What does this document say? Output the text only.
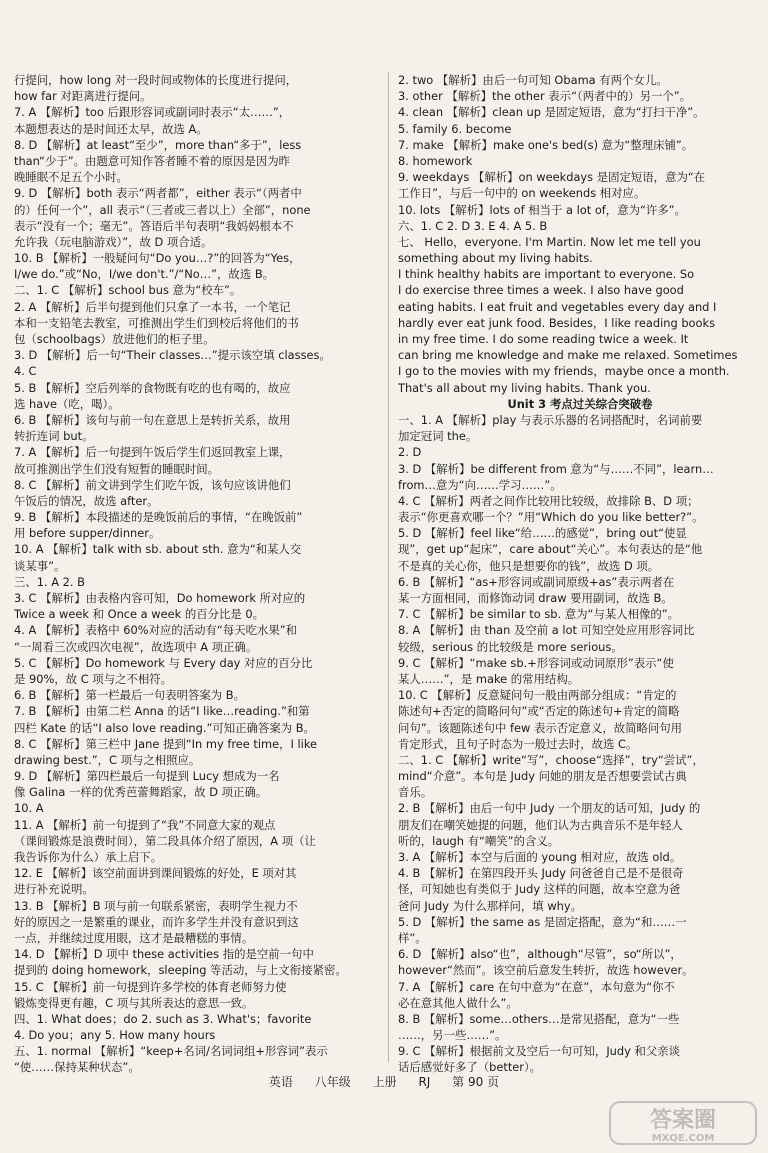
行提问，how long 对一段时间或物体的长度进行提问，
how far 对距离进行提问。
7. A 【解析】too 后跟形容词或副词时表示“太……”，
本题想表达的是时间还太早，故选 A。
8. D 【解析】at least“至少”，more than“多于”，less
than“少于”。由题意可知作答者睡不着的原因是因为昨
晚睡眠不足五个小时。
9. D 【解析】both 表示“两者都”，either 表示“（两者中
的）任何一个”，all 表示“（三者或三者以上）全部”，none
表示“没有一个；毫无”。答语后半句表明“我妈妈根本不
允许我（玩电脑游戏）”，故 D 项合适。
10. B 【解析】一般疑问句“Do you…?”的回答为“Yes，
I/we do.”或“No，I/we don't.”/“No…”，故选 B。
二、1. C 【解析】school bus 意为“校车”。
2. A 【解析】后半句提到他们只拿了一本书，一个笔记
本和一支铅笔去教室，可推测出学生们到校后将他们的书
包（schoolbags）放进他们的柜子里。
3. D 【解析】后一句“Their classes…”提示该空填 classes。
4. C
5. B 【解析】空后列举的食物既有吃的也有喝的，故应
选 have（吃，喝）。
6. B 【解析】该句与前一句在意思上是转折关系，故用
转折连词 but。
7. A 【解析】后一句提到午饭后学生们返回教室上课，
故可推测出学生们没有短暂的睡眠时间。
8. C 【解析】前文讲到学生们吃午饭，该句应该讲他们
午饭后的情况，故选 after。
9. B 【解析】本段描述的是晚饭前后的事情，“在晚饭前”
用 before supper/dinner。
10. A 【解析】talk with sb. about sth. 意为“和某人交
谈某事”。
三、1. A 2. B
3. C 【解析】由表格内容可知，Do homework 所对应的
Twice a week 和 Once a week 的百分比是 0。
4. A 【解析】表格中 60%对应的活动有“每天吃水果”和
“一周看三次或四次电视”，故选项中 A 项正确。
5. C 【解析】Do homework 与 Every day 对应的百分比
是 90%，故 C 项与之不相符。
6. B 【解析】第一栏最后一句表明答案为 B。
7. B 【解析】由第二栏 Anna 的话“I like…reading.”和第
四栏 Kate 的话“I also love reading.”可知正确答案为 B。
8. C 【解析】第三栏中 Jane 提到“In my free time，I like
drawing best.”，C 项与之相照应。
9. D 【解析】第四栏最后一句提到 Lucy 想成为一名
像 Galina 一样的优秀芭蕾舞蹈家，故 D 项正确。
10. A
11. A 【解析】前一句提到了“我”不同意大家的观点
（课间锻炼是浪费时间），第二段具体介绍了原因，A 项（让
我告诉你为什么）承上启下。
12. E 【解析】该空前面讲到课间锻炼的好处，E 项对其
进行补充说明。
13. B 【解析】B 项与前一句联系紧密，表明学生视力不
好的原因之一是繁重的课业，而许多学生并没有意识到这
一点，并继续过度用眼，这才是最糟糕的事情。
14. D 【解析】D 项中 these activities 指的是空前一句中
提到的 doing homework，sleeping 等活动，与上文衔接紧密。
15. C 【解析】前一句提到许多学校的体育老师努力使
锻炼变得更有趣，C 项与其所表达的意思一致。
四、1. What does；do 2. such as 3. What's；favorite
4. Do you；any 5. How many hours
五、1. normal 【解析】“keep+名词/名词词组+形容词”表示
“使……保持某种状态”。
2. two 【解析】由后一句可知 Obama 有两个女儿。
3. other 【解析】the other 表示“（两者中的）另一个”。
4. clean 【解析】clean up 是固定短语，意为“打扫干净”。
5. family 6. become
7. make 【解析】make one's bed(s) 意为“整理床铺”。
8. homework
9. weekdays 【解析】on weekdays 是固定短语，意为“在
工作日”，与后一句中的 on weekends 相对应。
10. lots 【解析】lots of 相当于 a lot of，意为“许多”。
六、1. C 2. D 3. E 4. A 5. B
七、 Hello，everyone. I'm Martin. Now let me tell you
something about my living habits.
I think healthy habits are important to everyone. So
I do exercise three times a week. I also have good
eating habits. I eat fruit and vegetables every day and I
hardly ever eat junk food. Besides，I like reading books
in my free time. I do some reading twice a week. It
can bring me knowledge and make me relaxed. Sometimes
I go to the movies with my friends，maybe once a month.
That's all about my living habits. Thank you.
Unit 3 考点过关综合突破卷
一、1. A 【解析】play 与表示乐器的名词搭配时，名词前要
加定冠词 the。
2. D
3. D 【解析】be different from 意为“与……不同”，learn…
from…意为“向……学习……”。
4. C 【解析】两者之间作比较用比较级，故排除 B、D 项；
表示“你更喜欢哪一个？”用“Which do you like better?”。
5. D 【解析】feel like“给……的感觉”，bring out“使显
现”，get up“起床”，care about“关心”。本句表达的是“他
不是真的关心你，他只是想要你的钱”，故选 D 项。
6. B 【解析】“as+形容词或副词原级+as”表示两者在
某一方面相同，而修饰动词 draw 要用副词，故选 B。
7. C 【解析】be similar to sb. 意为“与某人相像的”。
8. A 【解析】由 than 及空前 a lot 可知空处应用形容词比
较级，serious 的比较级是 more serious。
9. C 【解析】“make sb.+形容词或动词原形”表示“使
某人……”，是 make 的常用结构。
10. C 【解析】反意疑问句一般由两部分组成：“肯定的
陈述句+否定的简略问句”或“否定的陈述句+肯定的简略
问句”。该题陈述句中 few 表示否定意义，故简略问句用
肯定形式，且句子时态为一般过去时，故选 C。
二、1. C 【解析】write“写”，choose“选择”，try“尝试”，
mind“介意”。本句是 Judy 问她的朋友是否想要尝试古典
音乐。
2. B 【解析】由后一句中 Judy 一个朋友的话可知，Judy 的
朋友们在嘲笑她提的问题，他们认为古典音乐不是年轻人
听的，laugh 有“嘲笑”的含义。
3. A 【解析】本空与后面的 young 相对应，故选 old。
4. B 【解析】在第四段开头 Judy 问爸爸自己是不是很奇
怪，可知她也有类似于 Judy 这样的问题，故本空意为爸
爸问 Judy 为什么那样问，填 why。
5. D 【解析】the same as 是固定搭配，意为“和……一
样”。
6. D 【解析】also“也”，although“尽管”，so“所以”，
however“然而”。该空前后意发生转折，故选 however。
7. A 【解析】care 在句中意为“在意”，本句意为“你不
必在意其他人做什么”。
8. B 【解析】some…others…是常见搭配，意为“一些
……，另一些……”。
9. C 【解析】根据前文及空后一句可知，Judy 和父亲谈
话后感觉好多了（better）。
英语 八年级 上册 RJ 第 90 页
答案圈
MXQE.COM
